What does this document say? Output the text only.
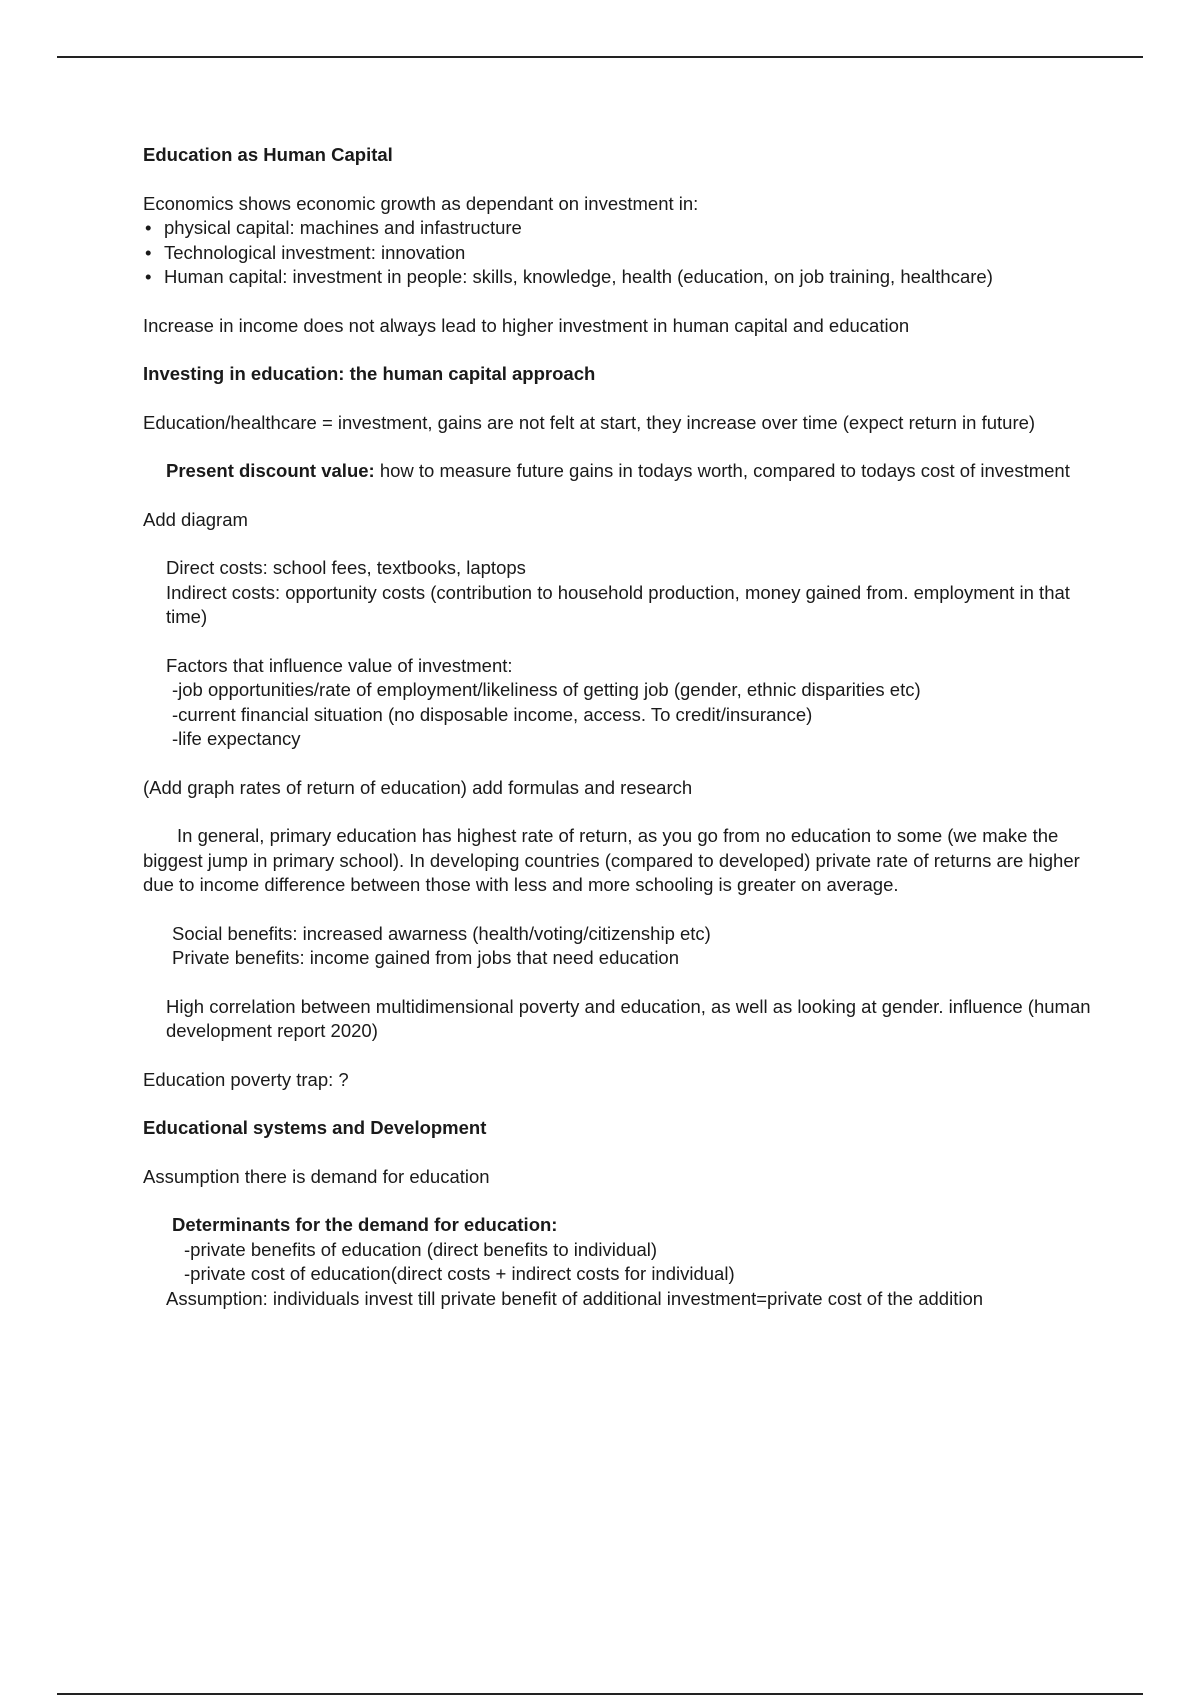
Education as Human Capital

Economics shows economic growth as dependant on investment in:

• physical capital: machines and infastructure
• Technological investment: innovation
• Human capital: investment in people: skills, knowledge, health (education, on job training, healthcare)

Increase in income does not always lead to higher investment in human capital and education

Investing in education: the human capital approach

Education/healthcare = investment, gains are not felt at start, they increase over time (expect return in future)

Present discount value: how to measure future gains in todays worth, compared to todays cost of investment

Add diagram

Direct costs: school fees, textbooks, laptops

Indirect costs: opportunity costs (contribution to household production, money gained from. employment in that time)

Factors that influence value of investment:

-job opportunities/rate of employment/likeliness of getting job (gender, ethnic disparities etc)

-current financial situation (no disposable income, access. To credit/insurance)

-life expectancy

(Add graph rates of return of education) add formulas and research

In general, primary education has highest rate of return, as you go from no education to some (we make the biggest jump in primary school). In developing countries (compared to developed) private rate of returns are higher due to income difference between those with less and more schooling is greater on average.

Social benefits: increased awarness (health/voting/citizenship etc)

Private benefits: income gained from jobs that need education

High correlation between multidimensional poverty and education, as well as looking at gender. influence (human development report 2020)

Education poverty trap: ?

Educational systems and Development

Assumption there is demand for education

Determinants for the demand for education:

-private benefits of education (direct benefits to individual)

-private cost of education(direct costs + indirect costs for individual)

Assumption: individuals invest till private benefit of additional investment=private cost of the addition
